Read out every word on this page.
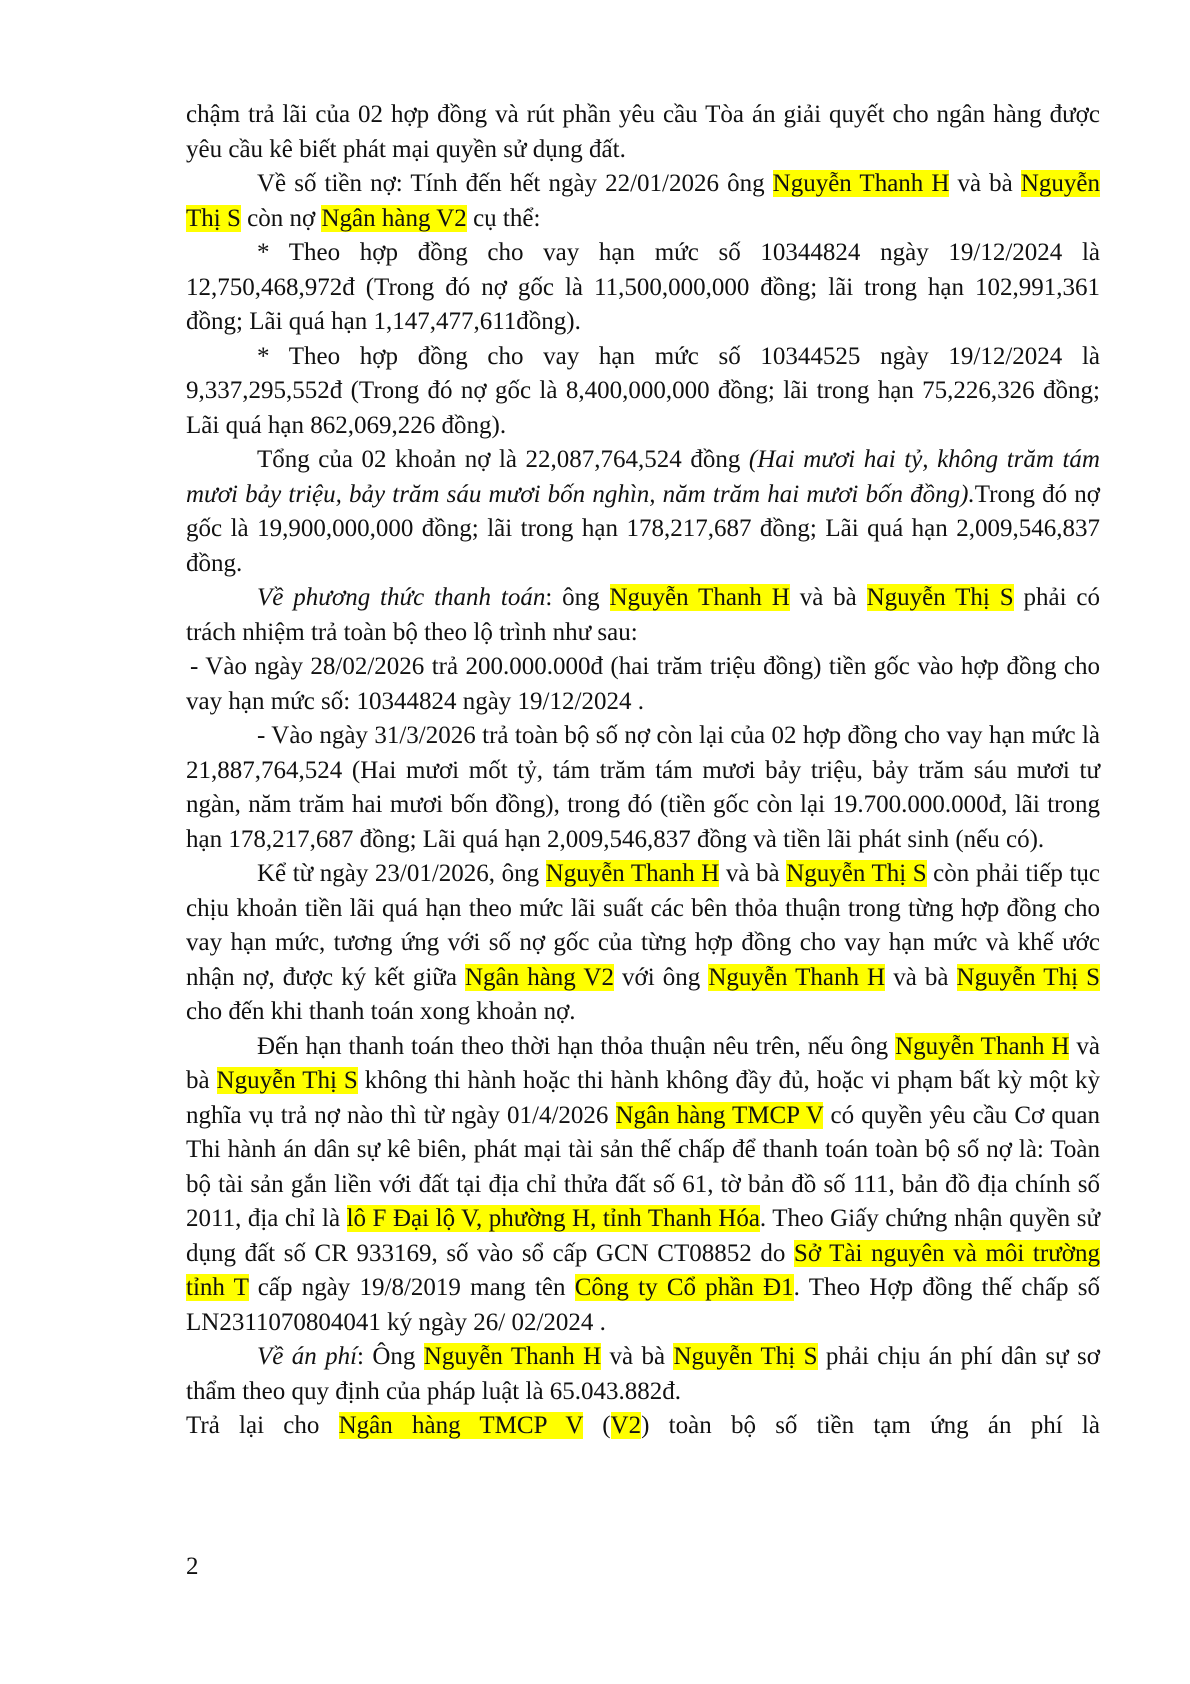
chậm trả lãi của 02 hợp đồng và rút phần yêu cầu Tòa án giải quyết cho ngân hàng được yêu cầu kê biết phát mại quyền sử dụng đất.

Về số tiền nợ: Tính đến hết ngày 22/01/2026 ông Nguyễn Thanh H và bà Nguyễn Thị S còn nợ Ngân hàng V2 cụ thể:

* Theo hợp đồng cho vay hạn mức số 10344824 ngày 19/12/2024 là 12,750,468,972đ (Trong đó nợ gốc là 11,500,000,000 đồng; lãi trong hạn 102,991,361 đồng; Lãi quá hạn 1,147,477,611đồng).

* Theo hợp đồng cho vay hạn mức số 10344525 ngày 19/12/2024 là 9,337,295,552đ (Trong đó nợ gốc là 8,400,000,000 đồng; lãi trong hạn 75,226,326 đồng; Lãi quá hạn 862,069,226 đồng).

Tổng của 02 khoản nợ là 22,087,764,524 đồng (Hai mươi hai tỷ, không trăm tám mươi bảy triệu, bảy trăm sáu mươi bốn nghìn, năm trăm hai mươi bốn đồng).Trong đó nợ gốc là 19,900,000,000 đồng; lãi trong hạn 178,217,687 đồng; Lãi quá hạn 2,009,546,837 đồng.

Về phương thức thanh toán: ông Nguyễn Thanh H và bà Nguyễn Thị S phải có trách nhiệm trả toàn bộ theo lộ trình như sau:

- Vào ngày 28/02/2026 trả 200.000.000đ (hai trăm triệu đồng) tiền gốc vào hợp đồng cho vay hạn mức số: 10344824 ngày 19/12/2024 .

- Vào ngày 31/3/2026 trả toàn bộ số nợ còn lại của 02 hợp đồng cho vay hạn mức là 21,887,764,524 (Hai mươi mốt tỷ, tám trăm tám mươi bảy triệu, bảy trăm sáu mươi tư ngàn, năm trăm hai mươi bốn đồng), trong đó (tiền gốc còn lại 19.700.000.000đ, lãi trong hạn 178,217,687 đồng; Lãi quá hạn 2,009,546,837 đồng và tiền lãi phát sinh (nếu có).

Kể từ ngày 23/01/2026, ông Nguyễn Thanh H và bà Nguyễn Thị S còn phải tiếp tục chịu khoản tiền lãi quá hạn theo mức lãi suất các bên thỏa thuận trong từng hợp đồng cho vay hạn mức, tương ứng với số nợ gốc của từng hợp đồng cho vay hạn mức và khế ước nhận nợ, được ký kết giữa Ngân hàng V2 với ông Nguyễn Thanh H và bà Nguyễn Thị S cho đến khi thanh toán xong khoản nợ.

Đến hạn thanh toán theo thời hạn thỏa thuận nêu trên, nếu ông Nguyễn Thanh H và bà Nguyễn Thị S không thi hành hoặc thi hành không đầy đủ, hoặc vi phạm bất kỳ một kỳ nghĩa vụ trả nợ nào thì từ ngày 01/4/2026 Ngân hàng TMCP V có quyền yêu cầu Cơ quan Thi hành án dân sự kê biên, phát mại tài sản thế chấp để thanh toán toàn bộ số nợ là: Toàn bộ tài sản gắn liền với đất tại địa chỉ thửa đất số 61, tờ bản đồ số 111, bản đồ địa chính số 2011, địa chỉ là lô F Đại lộ V, phường H, tỉnh Thanh Hóa. Theo Giấy chứng nhận quyền sử dụng đất số CR 933169, số vào sổ cấp GCN CT08852 do Sở Tài nguyên và môi trường tỉnh T cấp ngày 19/8/2019 mang tên Công ty Cổ phần Đ1. Theo Hợp đồng thế chấp số LN2311070804041 ký ngày 26/ 02/2024 .

Về án phí: Ông Nguyễn Thanh H và bà Nguyễn Thị S phải chịu án phí dân sự sơ thẩm theo quy định của pháp luật là 65.043.882đ.

Trả lại cho Ngân hàng TMCP V (V2) toàn bộ số tiền tạm ứng án phí là

2
